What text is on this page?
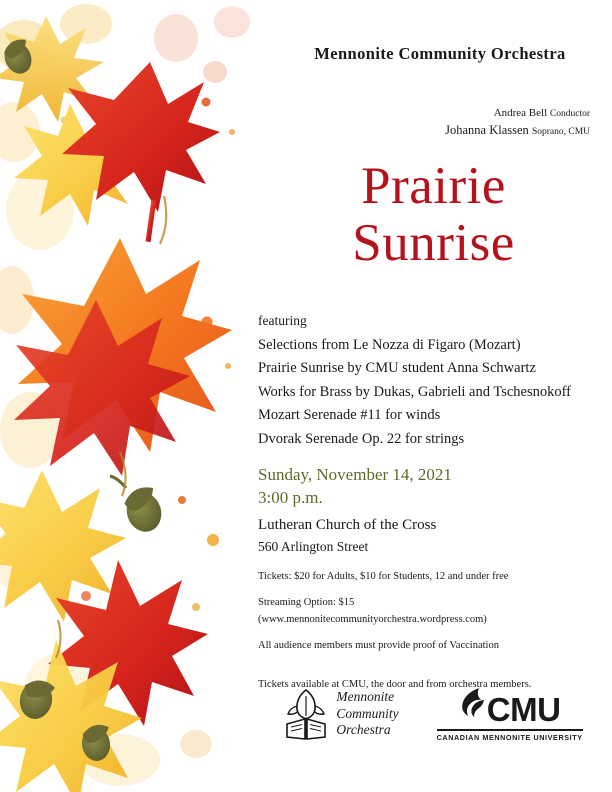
Mennonite Community Orchestra
Andrea Bell Conductor
Johanna Klassen Soprano, CMU
Prairie
Sunrise
featuring
Selections from Le Nozza di Figaro (Mozart)
Prairie Sunrise by CMU student Anna Schwartz
Works for Brass by Dukas, Gabrieli and Tschesnokoff
Mozart Serenade #11 for winds
Dvorak Serenade Op. 22 for strings
Sunday, November 14, 2021
3:00 p.m.
Lutheran Church of the Cross
560 Arlington Street
Tickets: $20 for Adults, $10 for Students, 12 and under free
Streaming Option: $15
(www.mennonitecommunityorchestra.wordpress.com)
All audience members must provide proof of Vaccination
Tickets available at CMU, the door and from orchestra members.
Mennonite
Community
Orchestra
CMU
CANADIAN MENNONITE UNIVERSITY
